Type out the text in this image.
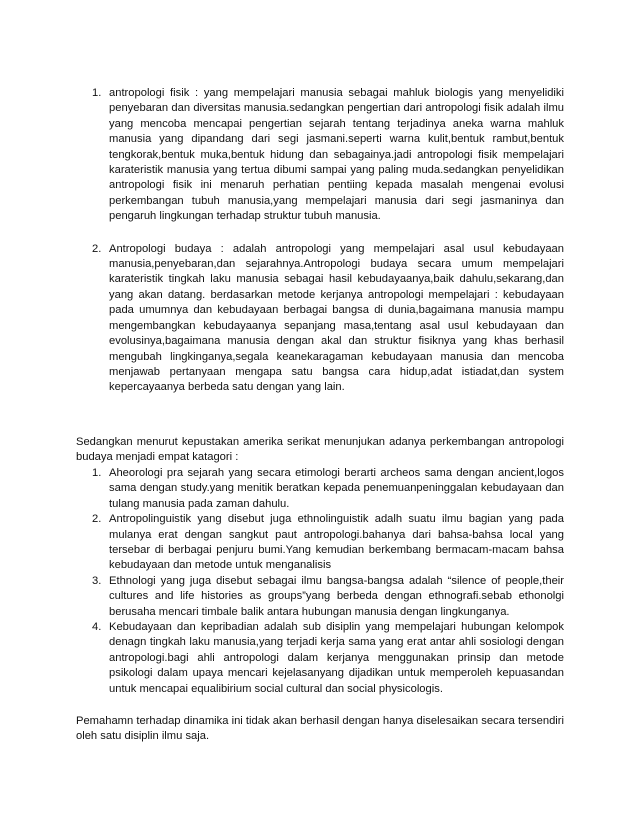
1. antropologi fisik : yang mempelajari manusia sebagai mahluk biologis yang menyelidiki penyebaran dan diversitas manusia.sedangkan pengertian dari antropologi fisik adalah ilmu yang mencoba mencapai pengertian sejarah tentang terjadinya aneka warna mahluk manusia yang dipandang dari segi jasmani.seperti warna kulit,bentuk rambut,bentuk tengkorak,bentuk muka,bentuk hidung dan sebagainya.jadi antropologi fisik mempelajari karateristik manusia yang tertua dibumi sampai yang paling muda.sedangkan penyelidikan antropologi fisik ini menaruh perhatian pentiing kepada masalah mengenai evolusi perkembangan tubuh manusia,yang mempelajari manusia dari segi jasmaninya dan pengaruh lingkungan terhadap struktur tubuh manusia.

2. Antropologi budaya : adalah antropologi yang mempelajari asal usul kebudayaan manusia,penyebaran,dan sejarahnya.Antropologi budaya secara umum mempelajari karateristik tingkah laku manusia sebagai hasil kebudayaanya,baik dahulu,sekarang,dan yang akan datang. berdasarkan metode kerjanya antropologi mempelajari : kebudayaan pada umumnya dan kebudayaan berbagai bangsa di dunia,bagaimana manusia mampu mengembangkan kebudayaanya sepanjang masa,tentang asal usul kebudayaan dan evolusinya,bagaimana manusia dengan akal dan struktur fisiknya yang khas berhasil mengubah lingkinganya,segala keanekaragaman kebudayaan manusia dan mencoba menjawab pertanyaan mengapa satu bangsa cara hidup,adat istiadat,dan system kepercayaanya berbeda satu dengan yang lain.

Sedangkan menurut kepustakan amerika serikat menunjukan adanya perkembangan antropologi budaya menjadi empat katagori :

1. Aheorologi pra sejarah yang secara etimologi berarti archeos sama dengan ancient,logos sama dengan study.yang menitik beratkan kepada penemuanpeninggalan kebudayaan dan tulang manusia pada zaman dahulu.

2. Antropolinguistik yang disebut juga ethnolinguistik adalh suatu ilmu bagian yang pada mulanya erat dengan sangkut paut antropologi.bahanya dari bahsa-bahsa local yang tersebar di berbagai penjuru bumi.Yang kemudian berkembang bermacam-macam bahsa kebudayaan dan metode untuk menganalisis

3. Ethnologi yang juga disebut sebagai ilmu bangsa-bangsa adalah “silence of people,their cultures and life histories as groups”yang berbeda dengan ethnografi.sebab ethonolgi berusaha mencari timbale balik antara hubungan manusia dengan lingkunganya.

4. Kebudayaan dan kepribadian adalah sub disiplin yang mempelajari hubungan kelompok denagn tingkah laku manusia,yang terjadi kerja sama yang erat antar ahli sosiologi dengan antropologi.bagi ahli antropologi dalam kerjanya menggunakan prinsip dan metode psikologi dalam upaya mencari kejelasanyang dijadikan untuk memperoleh kepuasandan untuk mencapai equalibirium social cultural dan social physicologis.

Pemahamn terhadap dinamika ini tidak akan berhasil dengan hanya diselesaikan secara tersendiri oleh satu disiplin ilmu saja.
